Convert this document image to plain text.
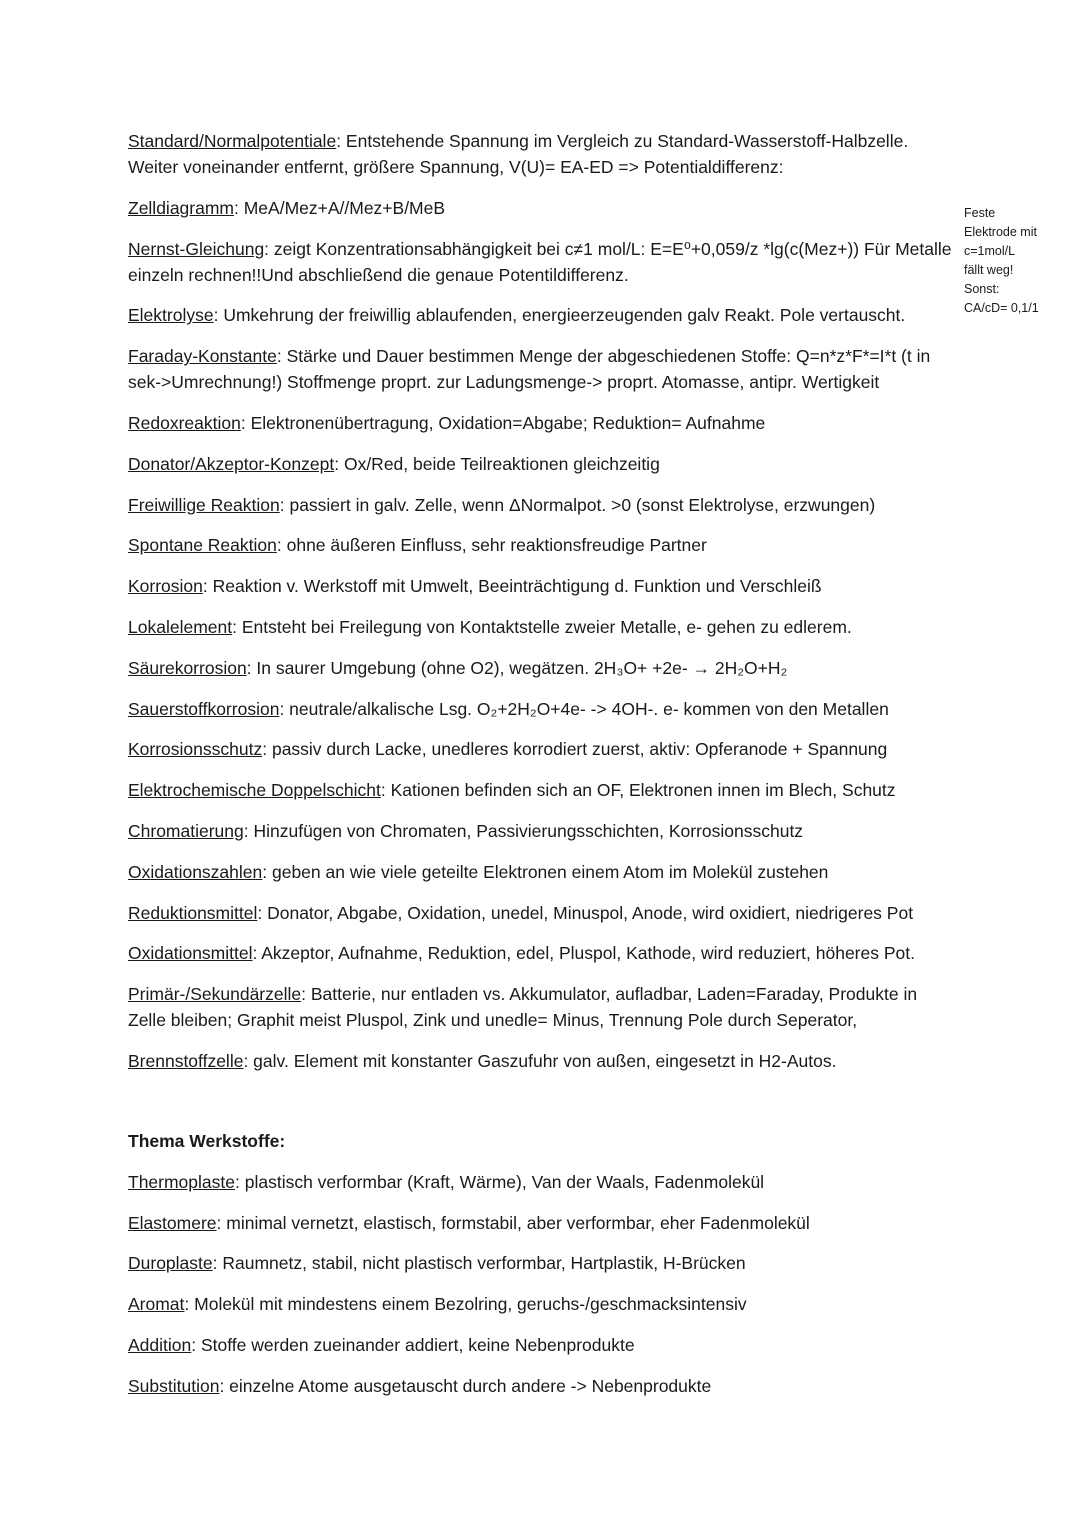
Standard/Normalpotentiale: Entstehende Spannung im Vergleich zu Standard-Wasserstoff-Halbzelle. Weiter voneinander entfernt, größere Spannung, V(U)= EA-ED => Potentialdifferenz:

Zelldiagramm: MeA/Mez+A//Mez+B/MeB

Nernst-Gleichung: zeigt Konzentrationsabhängigkeit bei c≠1 mol/L: E=E⁰+0,059/z *lg(c(Mez+)) Für Metalle einzeln rechnen!!Und abschließend die genaue Potentildifferenz.

Elektrolyse: Umkehrung der freiwillig ablaufenden, energieerzeugenden galv Reakt. Pole vertauscht.

Faraday-Konstante: Stärke und Dauer bestimmen Menge der abgeschiedenen Stoffe: Q=n*z*F*=I*t (t in sek->Umrechnung!) Stoffmenge proprt. zur Ladungsmenge-> proprt. Atomasse, antipr. Wertigkeit

Redoxreaktion: Elektronenübertragung, Oxidation=Abgabe; Reduktion= Aufnahme

Donator/Akzeptor-Konzept: Ox/Red, beide Teilreaktionen gleichzeitig

Freiwillige Reaktion: passiert in galv. Zelle, wenn ΔNormalpot. >0 (sonst Elektrolyse, erzwungen)

Spontane Reaktion: ohne äußeren Einfluss, sehr reaktionsfreudige Partner

Korrosion: Reaktion v. Werkstoff mit Umwelt, Beeinträchtigung d. Funktion und Verschleiß

Lokalelement: Entsteht bei Freilegung von Kontaktstelle zweier Metalle, e- gehen zu edlerem.

Säurekorrosion: In saurer Umgebung (ohne O2), wegätzen. 2H₃O+ +2e- → 2H₂O+H₂

Sauerstoffkorrosion: neutrale/alkalische Lsg. O₂+2H₂O+4e- -> 4OH-. e- kommen von den Metallen

Korrosionsschutz: passiv durch Lacke, unedleres korrodiert zuerst, aktiv: Opferanode + Spannung

Elektrochemische Doppelschicht: Kationen befinden sich an OF, Elektronen innen im Blech, Schutz

Chromatierung: Hinzufügen von Chromaten, Passivierungsschichten, Korrosionsschutz

Oxidationszahlen: geben an wie viele geteilte Elektronen einem Atom im Molekül zustehen

Reduktionsmittel: Donator, Abgabe, Oxidation, unedel, Minuspol, Anode, wird oxidiert, niedrigeres Pot

Oxidationsmittel: Akzeptor, Aufnahme, Reduktion, edel, Pluspol, Kathode, wird reduziert, höheres Pot.

Primär-/Sekundärzelle: Batterie, nur entladen vs. Akkumulator, aufladbar, Laden=Faraday, Produkte in Zelle bleiben; Graphit meist Pluspol, Zink und unedle= Minus, Trennung Pole durch Seperator,

Brennstoffzelle: galv. Element mit konstanter Gaszufuhr von außen, eingesetzt in H2-Autos.

Thema Werkstoffe:

Thermoplaste: plastisch verformbar (Kraft, Wärme), Van der Waals, Fadenmolekül

Elastomere: minimal vernetzt, elastisch, formstabil, aber verformbar, eher Fadenmolekül

Duroplaste: Raumnetz, stabil, nicht plastisch verformbar, Hartplastik, H-Brücken

Aromat: Molekül mit mindestens einem Bezolring, geruchs-/geschmacksintensiv

Addition: Stoffe werden zueinander addiert, keine Nebenprodukte

Substitution: einzelne Atome ausgetauscht durch andere -> Nebenprodukte

Feste
Elektrode mit
c=1mol/L
fällt weg!
Sonst:
CA/cD= 0,1/1
